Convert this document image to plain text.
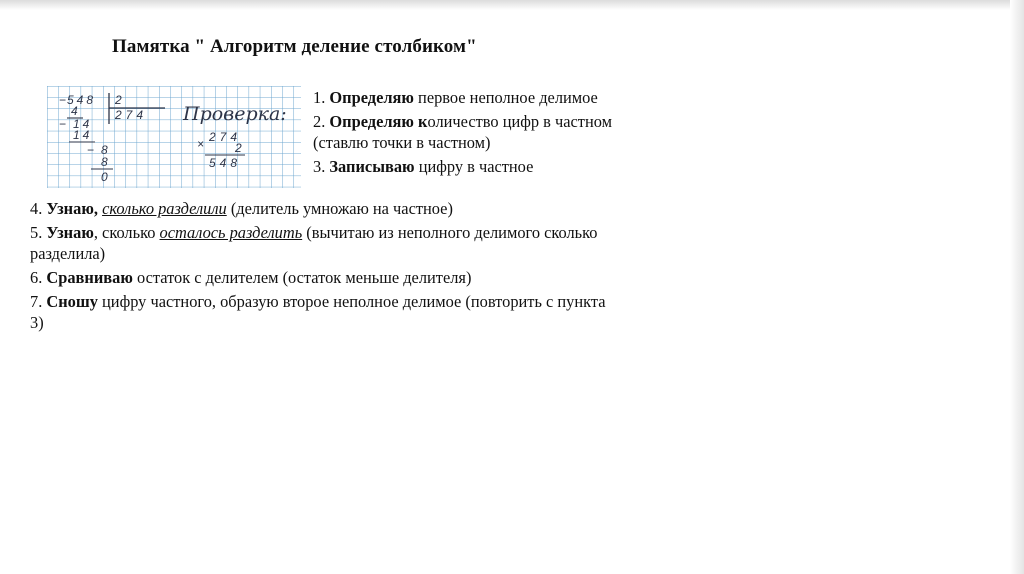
Памятка " Алгоритм деление столбиком"
− 548 2
274
4
− 14
14
− 8
8
0
Проверка:
× 274
2
548
1. Определяю первое неполное делимое
2. Определяю количество цифр в частном (ставлю точки в частном)
3. Записываю цифру в частное
4. Узнаю, сколько разделили (делитель умножаю на частное)
5. Узнаю, сколько осталось разделить (вычитаю из неполного делимого сколько разделила)
6. Сравниваю остаток с делителем (остаток меньше делителя)
7. Сношу цифру частного, образую второе неполное делимое (повторить с пункта 3)
